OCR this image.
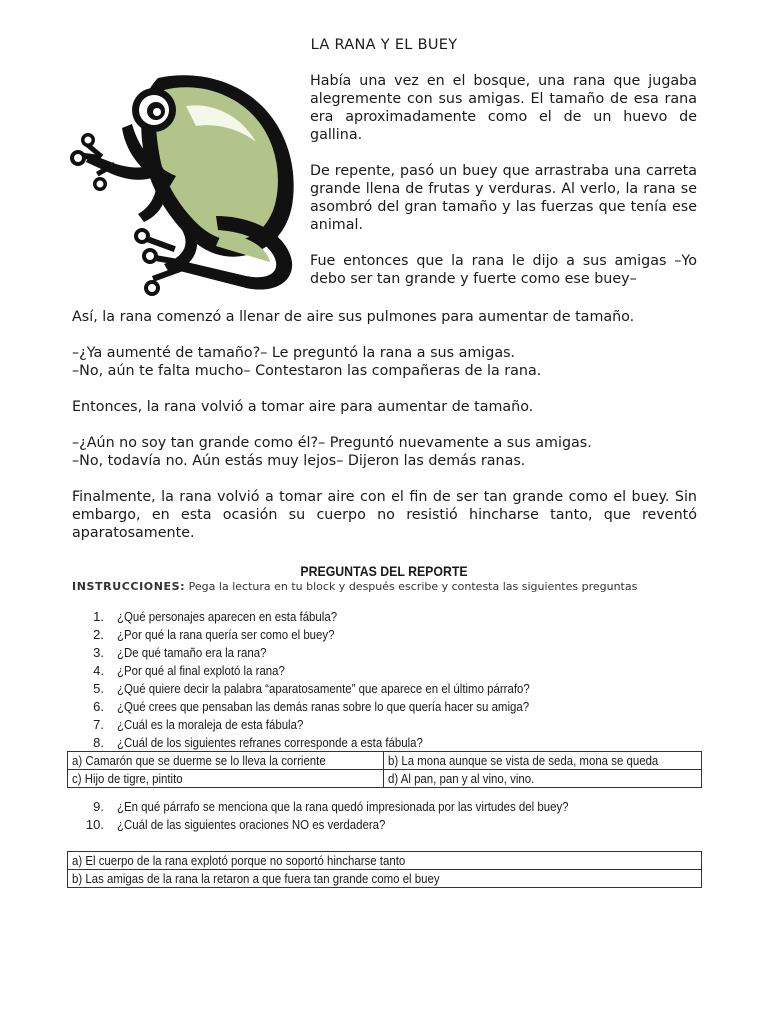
LA RANA Y EL BUEY

Había una vez en el bosque, una rana que jugaba alegremente con sus amigas. El tamaño de esa rana era aproximadamente como el de un huevo de gallina.

De repente, pasó un buey que arrastraba una carreta grande llena de frutas y verduras. Al verlo, la rana se asombró del gran tamaño y las fuerzas que tenía ese animal.

Fue entonces que la rana le dijo a sus amigas –Yo debo ser tan grande y fuerte como ese buey–

Así, la rana comenzó a llenar de aire sus pulmones para aumentar de tamaño.

–¿Ya aumenté de tamaño?– Le preguntó la rana a sus amigas.
–No, aún te falta mucho– Contestaron las compañeras de la rana.

Entonces, la rana volvió a tomar aire para aumentar de tamaño.

–¿Aún no soy tan grande como él?– Preguntó nuevamente a sus amigas.
–No, todavía no. Aún estás muy lejos– Dijeron las demás ranas.

Finalmente, la rana volvió a tomar aire con el fin de ser tan grande como el buey. Sin embargo, en esta ocasión su cuerpo no resistió hincharse tanto, que reventó aparatosamente.

PREGUNTAS DEL REPORTE
INSTRUCCIONES: Pega la lectura en tu block y después escribe y contesta las siguientes preguntas
1. ¿Qué personajes aparecen en esta fábula?
2. ¿Por qué la rana quería ser como el buey?
3. ¿De qué tamaño era la rana?
4. ¿Por qué al final explotó la rana?
5. ¿Qué quiere decir la palabra “aparatosamente” que aparece en el último párrafo?
6. ¿Qué crees que pensaban las demás ranas sobre lo que quería hacer su amiga?
7. ¿Cuál es la moraleja de esta fábula?
8. ¿Cuál de los siguientes refranes corresponde a esta fábula?
a) Camarón que se duerme se lo lleva la corriente	b) La mona aunque se vista de seda, mona se queda
c) Hijo de tigre, pintito	d) Al pan, pan y al vino, vino.
9. ¿En qué párrafo se menciona que la rana quedó impresionada por las virtudes del buey?
10. ¿Cuál de las siguientes oraciones NO es verdadera?
a) El cuerpo de la rana explotó porque no soportó hincharse tanto
b) Las amigas de la rana la retaron a que fuera tan grande como el buey
